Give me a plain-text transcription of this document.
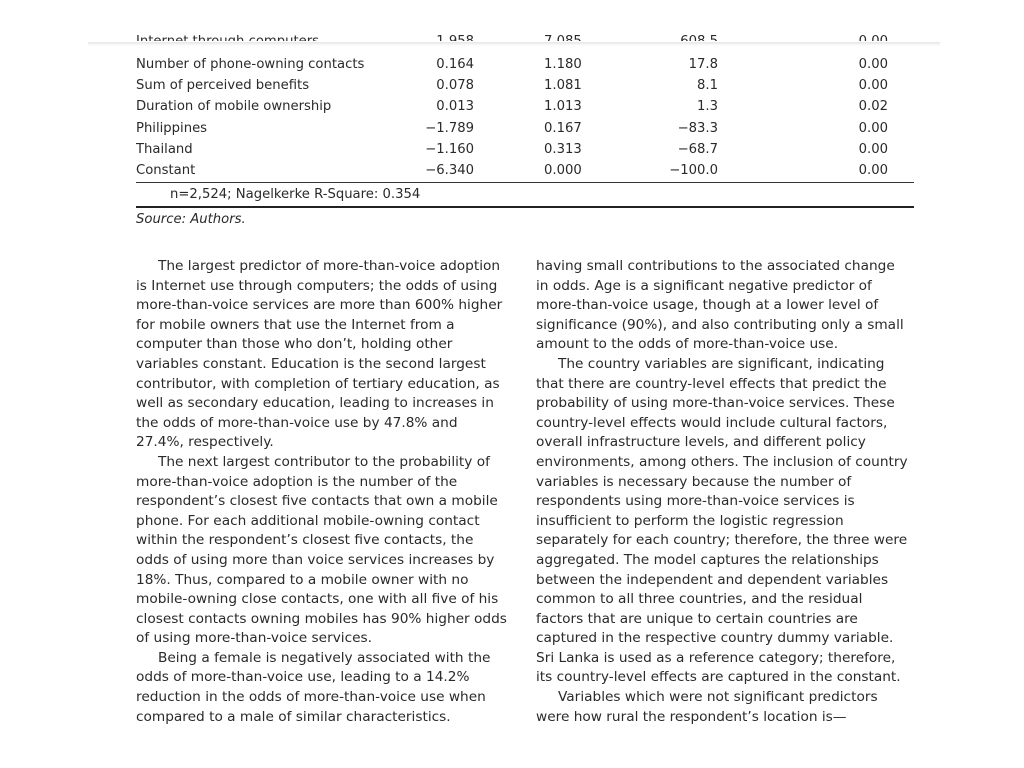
Number of phone-owning contacts	0.164	1.180	17.8	0.00
Sum of perceived benefits	0.078	1.081	8.1	0.00
Duration of mobile ownership	0.013	1.013	1.3	0.02
Philippines	−1.789	0.167	−83.3	0.00
Thailand	−1.160	0.313	−68.7	0.00
Constant	−6.340	0.000	−100.0	0.00
n=2,524; Nagelkerke R-Square: 0.354
Source: Authors.

The largest predictor of more-than-voice adoption is Internet use through computers; the odds of using more-than-voice services are more than 600% higher for mobile owners that use the Internet from a computer than those who don’t, holding other variables constant. Education is the second largest contributor, with completion of tertiary education, as well as secondary education, leading to increases in the odds of more-than-voice use by 47.8% and 27.4%, respectively.

The next largest contributor to the probability of more-than-voice adoption is the number of the respondent’s closest five contacts that own a mobile phone. For each additional mobile-owning contact within the respondent’s closest five contacts, the odds of using more than voice services increases by 18%. Thus, compared to a mobile owner with no mobile-owning close contacts, one with all five of his closest contacts owning mobiles has 90% higher odds of using more-than-voice services.

Being a female is negatively associated with the odds of more-than-voice use, leading to a 14.2% reduction in the odds of more-than-voice use when compared to a male of similar characteristics.

having small contributions to the associated change in odds. Age is a significant negative predictor of more-than-voice usage, though at a lower level of significance (90%), and also contributing only a small amount to the odds of more-than-voice use.

The country variables are significant, indicating that there are country-level effects that predict the probability of using more-than-voice services. These country-level effects would include cultural factors, overall infrastructure levels, and different policy environments, among others. The inclusion of country variables is necessary because the number of respondents using more-than-voice services is insufficient to perform the logistic regression separately for each country; therefore, the three were aggregated. The model captures the relationships between the independent and dependent variables common to all three countries, and the residual factors that are unique to certain countries are captured in the respective country dummy variable. Sri Lanka is used as a reference category; therefore, its country-level effects are captured in the constant.

Variables which were not significant predictors were how rural the respondent’s location is—
